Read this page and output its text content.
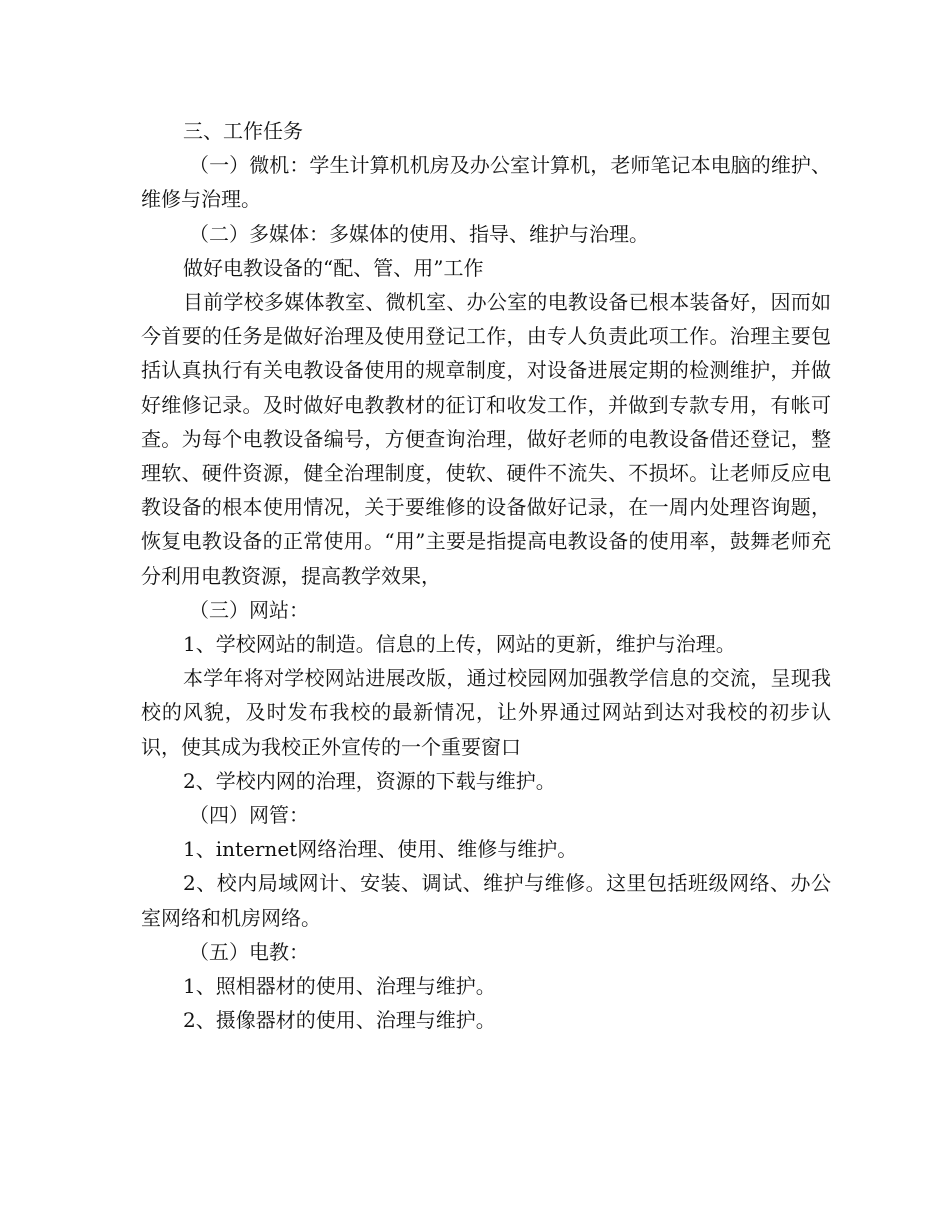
三、工作任务

（一）微机：学生计算机机房及办公室计算机，老师笔记本电脑的维护、维修与治理。

（二）多媒体：多媒体的使用、指导、维护与治理。

做好电教设备的“配、管、用”工作

目前学校多媒体教室、微机室、办公室的电教设备已根本装备好，因而如今首要的任务是做好治理及使用登记工作，由专人负责此项工作。治理主要包括认真执行有关电教设备使用的规章制度，对设备进展定期的检测维护，并做好维修记录。及时做好电教教材的征订和收发工作，并做到专款专用，有帐可查。为每个电教设备编号，方便查询治理，做好老师的电教设备借还登记，整理软、硬件资源，健全治理制度，使软、硬件不流失、不损坏。让老师反应电教设备的根本使用情况，关于要维修的设备做好记录，在一周内处理咨询题，恢复电教设备的正常使用。“用”主要是指提高电教设备的使用率，鼓舞老师充分利用电教资源，提高教学效果，

（三）网站：

1、学校网站的制造。信息的上传，网站的更新，维护与治理。

本学年将对学校网站进展改版，通过校园网加强教学信息的交流，呈现我校的风貌，及时发布我校的最新情况，让外界通过网站到达对我校的初步认识，使其成为我校正外宣传的一个重要窗口

2、学校内网的治理，资源的下载与维护。

（四）网管：

1、internet网络治理、使用、维修与维护。

2、校内局域网计、安装、调试、维护与维修。这里包括班级网络、办公室网络和机房网络。

（五）电教：

1、照相器材的使用、治理与维护。

2、摄像器材的使用、治理与维护。
